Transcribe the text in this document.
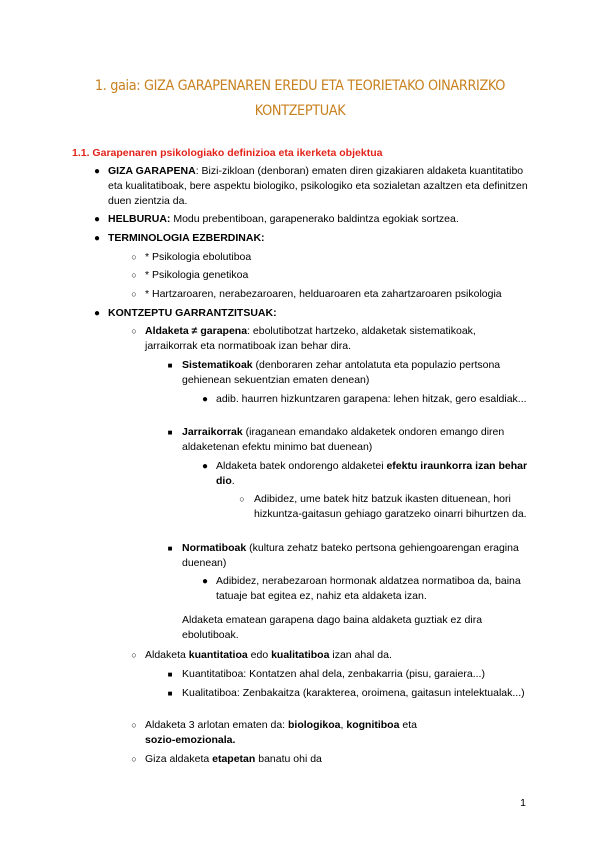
1. gaia: GIZA GARAPENAREN EREDU ETA TEORIETAKO OINARRIZKO
KONTZEPTUAK
1.1. Garapenaren psikologiako definizioa eta ikerketa objektua
● GIZA GARAPENA: Bizi-zikloan (denboran) ematen diren gizakiaren aldaketa kuantitatibo eta kualitatiboak, bere aspektu biologiko, psikologiko eta sozialetan azaltzen eta definitzen duen zientzia da.
● HELBURUA: Modu prebentiboan, garapenerako baldintza egokiak sortzea.
● TERMINOLOGIA EZBERDINAK:
○ * Psikologia ebolutiboa
○ * Psikologia genetikoa
○ * Hartzaroaren, nerabezaroaren, helduaroaren eta zahartzaroaren psikologia
● KONTZEPTU GARRANTZITSUAK:
○ Aldaketa ≠ garapena: ebolutibotzat hartzeko, aldaketak sistematikoak, jarraikorrak eta normatiboak izan behar dira.
■ Sistematikoak (denboraren zehar antolatuta eta populazio pertsona gehienean sekuentzian ematen denean)
● adib. haurren hizkuntzaren garapena: lehen hitzak, gero esaldiak...
■ Jarraikorrak (iraganean emandako aldaketek ondoren emango diren aldaketenan efektu minimo bat duenean)
● Aldaketa batek ondorengo aldaketei efektu iraunkorra izan behar dio.
○ Adibidez, ume batek hitz batzuk ikasten dituenean, hori hizkuntza-gaitasun gehiago garatzeko oinarri bihurtzen da.
■ Normatiboak (kultura zehatz bateko pertsona gehiengoarengan eragina duenean)
● Adibidez, nerabezaroan hormonak aldatzea normatiboa da, baina tatuaje bat egitea ez, nahiz eta aldaketa izan.
Aldaketa ematean garapena dago baina aldaketa guztiak ez dira ebolutiboak.
○ Aldaketa kuantitatioa edo kualitatiboa izan ahal da.
■ Kuantitatiboa: Kontatzen ahal dela, zenbakarria (pisu, garaiera...)
■ Kualitatiboa: Zenbakaitza (karakterea, oroimena, gaitasun intelektualak...)
○ Aldaketa 3 arlotan ematen da: biologikoa, kognitiboa eta sozio-emozionala.
○ Giza aldaketa etapetan banatu ohi da
1
